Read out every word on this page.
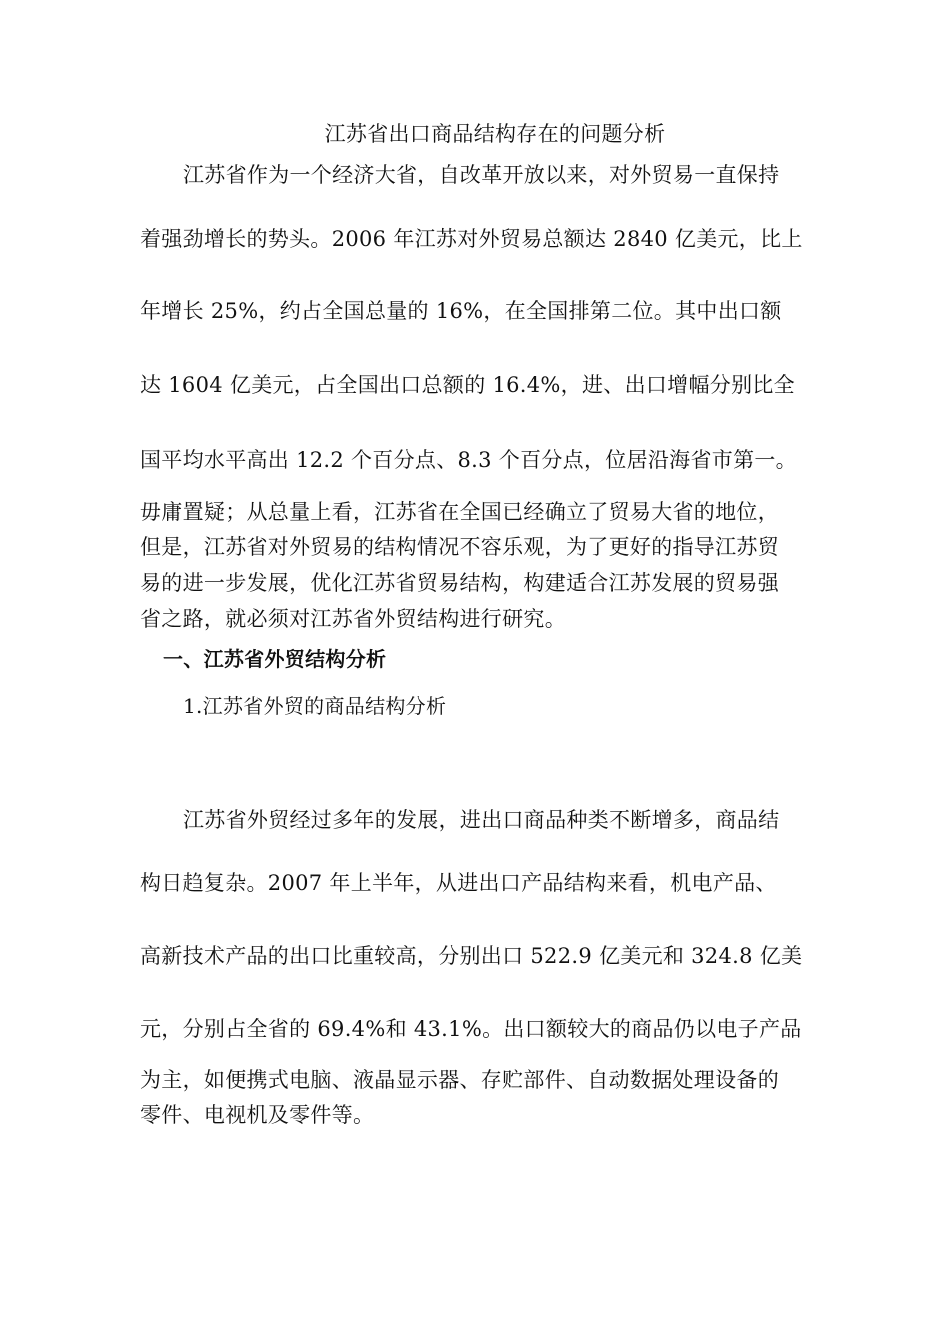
江苏省出口商品结构存在的问题分析
江苏省作为一个经济大省，自改革开放以来，对外贸易一直保持
着强劲增长的势头。2006 年江苏对外贸易总额达 2840 亿美元，比上
年增长 25%，约占全国总量的 16%，在全国排第二位。其中出口额
达 1604 亿美元，占全国出口总额的 16.4%，进、出口增幅分别比全
国平均水平高出 12.2 个百分点、8.3 个百分点，位居沿海省市第一。
毋庸置疑；从总量上看，江苏省在全国已经确立了贸易大省的地位，
但是，江苏省对外贸易的结构情况不容乐观，为了更好的指导江苏贸
易的进一步发展，优化江苏省贸易结构，构建适合江苏发展的贸易强
省之路，就必须对江苏省外贸结构进行研究。
一、江苏省外贸结构分析
1.江苏省外贸的商品结构分析
江苏省外贸经过多年的发展，进出口商品种类不断增多，商品结
构日趋复杂。2007 年上半年，从进出口产品结构来看，机电产品、
高新技术产品的出口比重较高，分别出口 522.9 亿美元和 324.8 亿美
元，分别占全省的 69.4%和 43.1%。出口额较大的商品仍以电子产品
为主，如便携式电脑、液晶显示器、存贮部件、自动数据处理设备的
零件、电视机及零件等。
